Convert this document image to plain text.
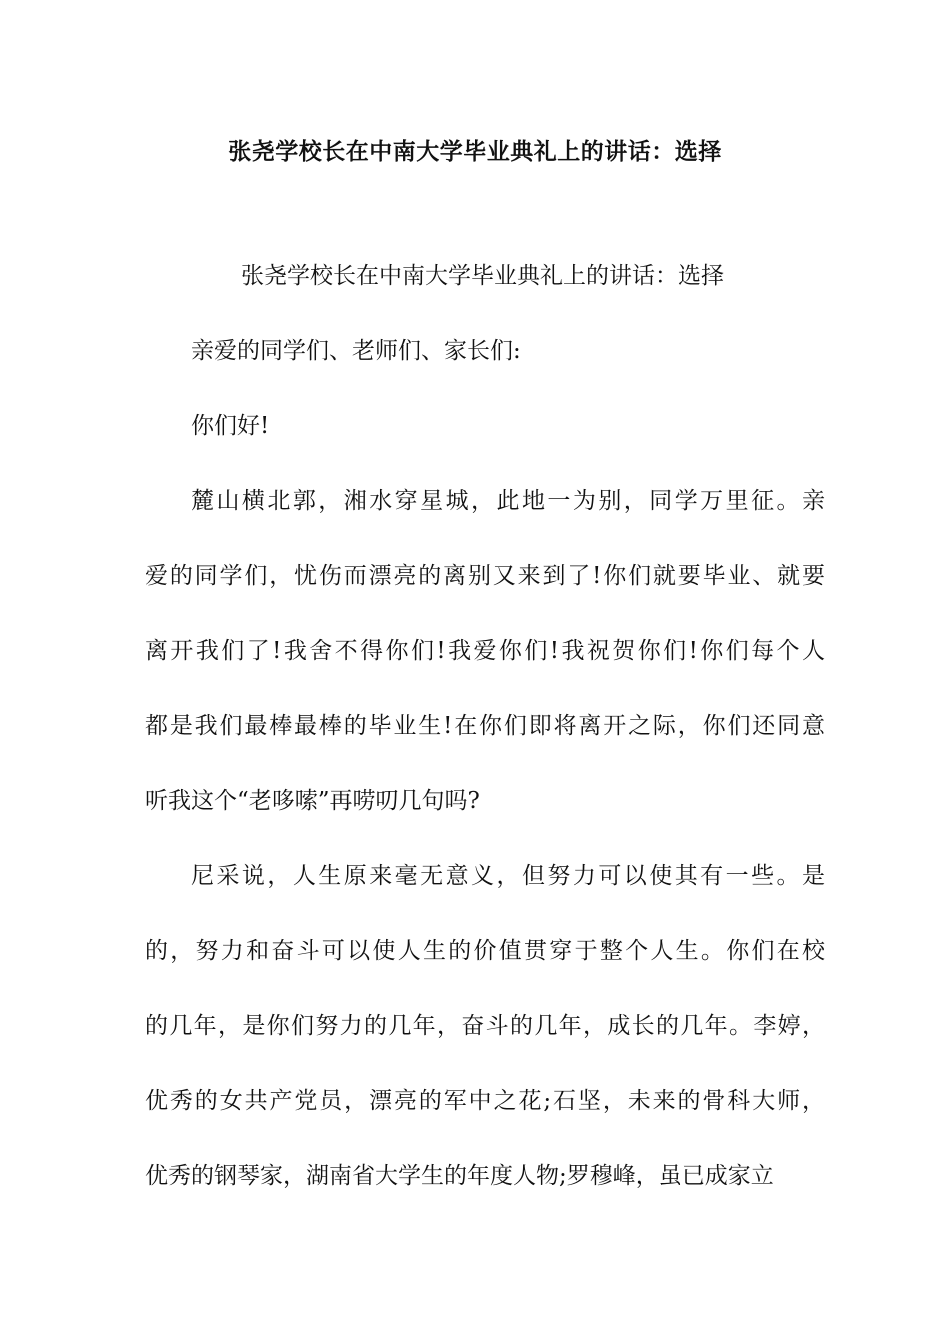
张尧学校长在中南大学毕业典礼上的讲话：选择
张尧学校长在中南大学毕业典礼上的讲话：选择
亲爱的同学们、老师们、家长们:
你们好!
麓山横北郭，湘水穿星城，此地一为别，同学万里征。亲
爱的同学们，忧伤而漂亮的离别又来到了!你们就要毕业、就要
离开我们了!我舍不得你们!我爱你们!我祝贺你们!你们每个人
都是我们最棒最棒的毕业生!在你们即将离开之际，你们还同意
听我这个“老哆嗦”再唠叨几句吗?
尼采说，人生原来毫无意义，但努力可以使其有一些。是
的，努力和奋斗可以使人生的价值贯穿于整个人生。你们在校
的几年，是你们努力的几年，奋斗的几年，成长的几年。李婷，
优秀的女共产党员，漂亮的军中之花;石坚，未来的骨科大师，
优秀的钢琴家，湖南省大学生的年度人物;罗穆峰，虽已成家立
